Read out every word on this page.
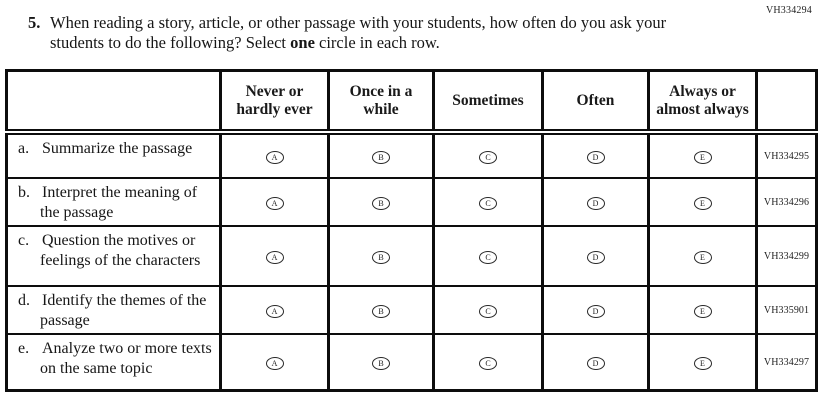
VH334294
5. When reading a story, article, or other passage with your students, how often do you ask your students to do the following? Select one circle in each row.
	Never or hardly ever	Once in a while	Sometimes	Often	Always or almost always	

a. Summarize the passage	A	B	C	D	E	VH334295

b. Interpret the meaning of the passage	A	B	C	D	E	VH334296

c. Question the motives or feelings of the characters	A	B	C	D	E	VH334299

d. Identify the themes of the passage	A	B	C	D	E	VH335901

e. Analyze two or more texts on the same topic	A	B	C	D	E	VH334297
